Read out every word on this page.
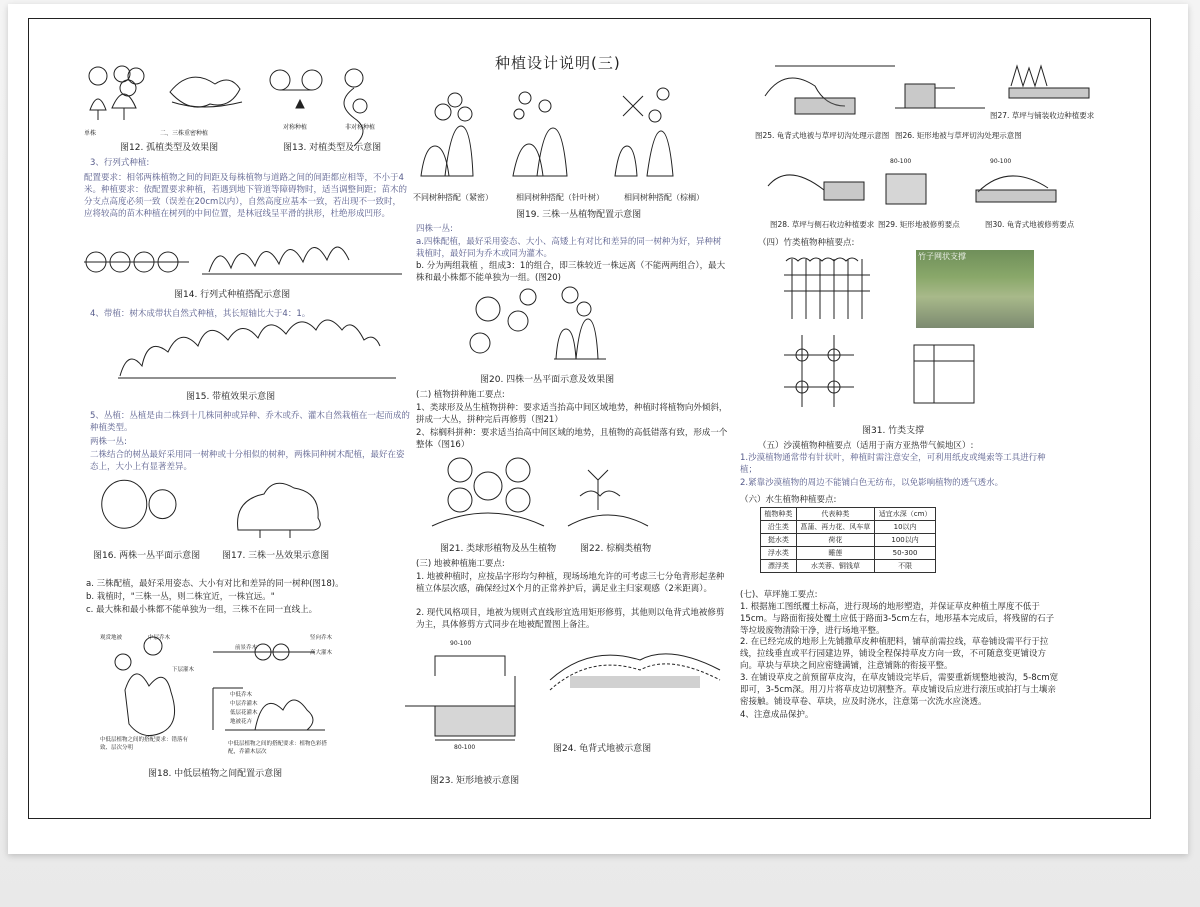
种植设计说明(三)
单株	二、三株重密种植
图12. 孤植类型及效果图
对称种植	非对称种植
图13. 对植类型及示意图
3、行列式种植:
配置要求：相邻两株植物之间的间距及每株植物与道路之间的间距都应相等，不小于4米。种植要求：依配置要求种植，若遇到地下管道等障碍物时，适当调整间距；苗木的分支点高度必须一致（误差在20cm以内），自然高度应基本一致，若出现不一致时，应将较高的苗木种植在树列的中间位置，是林冠线呈平滑的拱形，杜绝形成凹形。
图14. 行列式种植搭配示意图
4、带植：树木成带状自然式种植，其长短轴比大于4：1。
图15. 带植效果示意图
5、丛植：丛植是由二株到十几株同种或异种、乔木或乔、灌木自然栽植在一起而成的种植类型。
两株一丛:
二株结合的树丛最好采用同一树种或十分相似的树种，两株同种树木配植，最好在姿态上，大小上有显著差异。
图16. 两株一丛平面示意图 图17. 三株一丛效果示意图
a. 三株配植，最好采用姿态、大小有对比和差异的同一树种(图18)。
b. 栽植时，"三株一丛，则二株宜近，一株宜远。"
c. 最大株和最小株都不能单独为一组，三株不在同一直线上。
观赏地被	中层乔木
下层灌木
竖向乔木
前景乔木
高大灌木
中低乔木
中层乔灌木
低层花灌木
地被花卉
中低层植物之间的搭配要求：错落有致、层次分明
中低层植物之间的搭配要求：植物色彩搭配，乔灌木层次
图18. 中低层植物之间配置示意图
不同树种搭配（紧密）	相同树种搭配（针叶树）	相同树种搭配（棕榈）
图19. 三株一丛植物配置示意图
四株一丛:
a.四株配植，最好采用姿态、大小、高矮上有对比和差异的同一树种为好，异种树栽植时，最好同为乔木或同为灌木。
b. 分为两组栽植 ，组成3：1的组合，即三株较近一株远离（不能两两组合），最大株和最小株都不能单独为一组。(图20)
图20. 四株一丛平面示意及效果图
(二) 植物拼种施工要点:
1、类球形及丛生植物拼种：要求适当抬高中间区域地势，种植时将植物向外倾斜，拼成一大丛，拼种完后再修剪（图21）
2、棕榈科拼种：要求适当抬高中间区域的地势，且植物的高低错落有致，形成一个整体（图16）
图21. 类球形植物及丛生植物	图22. 棕榈类植物
(三) 地被种植施工要点:
1. 地被种植时，应按品字形均匀种植，现场场地允许的可考虑三七分龟背形起垄种植立体层次感，确保经过X个月的正常养护后，满足业主归家观感（2米距离）。
2. 现代风格项目，地被为规则式直线形宜选用矩形修剪，其他则以龟背式地被修剪为主，具体修剪方式同步在地被配置图上备注。
90-100
80-100
图23. 矩形地被示意图
图24. 龟背式地被示意图
图25. 龟背式地被与草坪切沟处理示意图 图26. 矩形地被与草坪切沟处理示意图
图27. 草坪与铺装收边种植要求
80-100	90-100
图28. 草坪与侧石收边种植要求 图29. 矩形地被修剪要点	图30. 龟背式地被修剪要点
（四）竹类植物种植要点:
竹子网状支撑
图31. 竹类支撑
（五）沙漠植物种植要点（适用于南方亚热带气候地区）:
1.沙漠植物通常带有针状叶，种植时需注意安全，可利用纸皮或绳索等工具进行种植；
2.紧靠沙漠植物的周边不能铺白色无纺布，以免影响植物的透气透水。
（六）水生植物种植要点:
植物种类	代表种类	适宜水深（cm）
沿生类	菖蒲、再力花、风车草	10以内
挺水类	荷花	100以内
浮水类	睡莲	50-300
漂浮类	水芙蓉、铜钱草	不限
(七)、草坪施工要点:
1. 根据施工图纸覆土标高，进行现场的地形塑造，并保证草皮种植土厚度不低于15cm。与路面衔接处覆土应低于路面3-5cm左右，地形基本完成后，将残留的石子等垃圾废物清除干净，进行场地平整。
2. 在已经完成的地形上先铺撒草皮种植肥料，铺草前需拉线，草卷铺设需平行于拉线，拉线垂直或平行园建边界，铺设全程保持草皮方向一致，不可随意变更铺设方向。草块与草块之间应密缝满铺，注意铺陈的衔接平整。
3. 在铺设草皮之前预留草皮沟，在草皮铺设完毕后，需要重新规整地被沟，5-8cm宽即可，3-5cm深。用刀片将草皮边切割整齐。草皮铺设后应进行滚压或拍打与土壤亲密接触。铺设草卷、草块，应及时浇水，注意第一次洗水应浇透。
4、注意成品保护。
